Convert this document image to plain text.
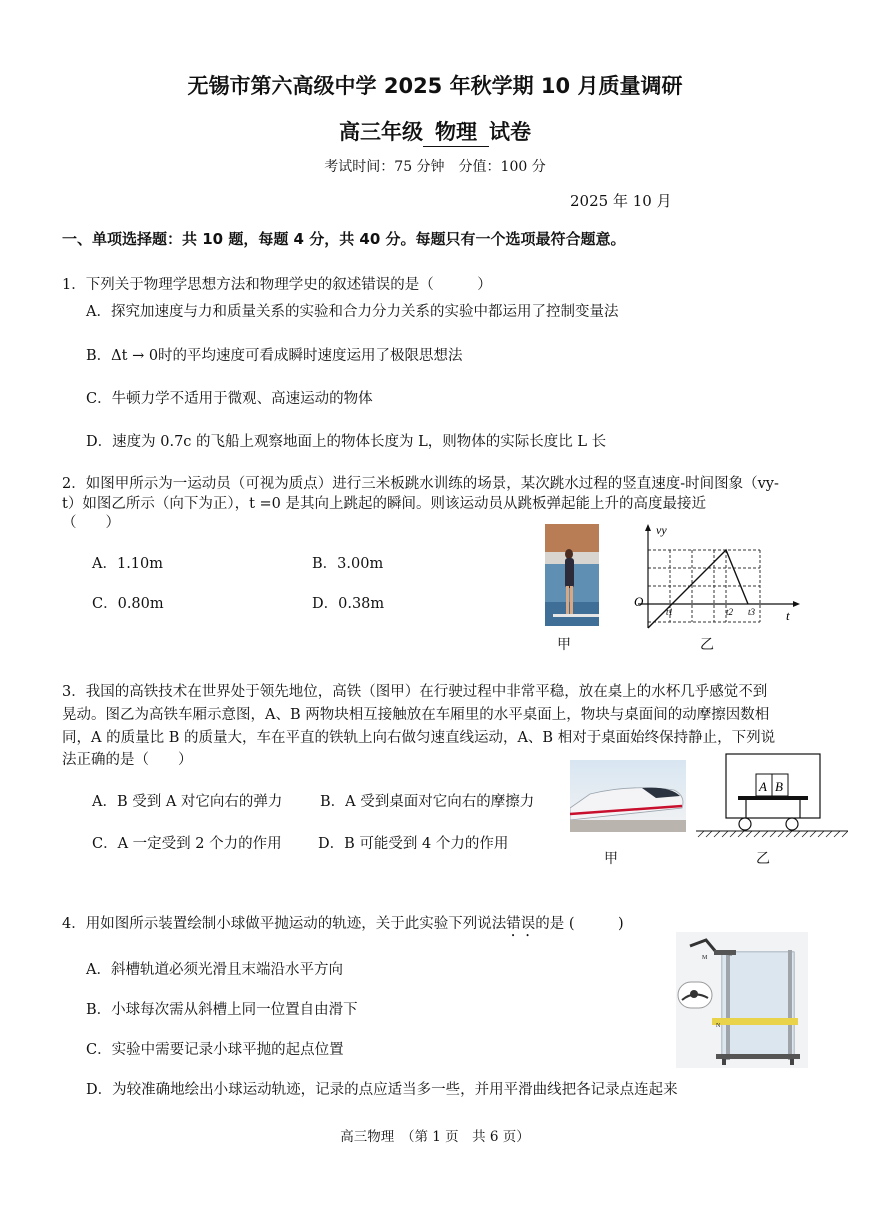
无锡市第六高级中学 2025 年秋学期 10 月质量调研
高三年级 物理 试卷
考试时间：75 分钟　分值：100 分
2025 年 10 月
一、单项选择题：共 10 题，每题 4 分，共 40 分。每题只有一个选项最符合题意。
1．下列关于物理学思想方法和物理学史的叙述错误的是（　　　）
A．探究加速度与力和质量关系的实验和合力分力关系的实验中都运用了控制变量法
B．Δt → 0时的平均速度可看成瞬时速度运用了极限思想法
C．牛顿力学不适用于微观、高速运动的物体
D．速度为 0.7c 的飞船上观察地面上的物体长度为 L，则物体的实际长度比 L 长
2．如图甲所示为一运动员（可视为质点）进行三米板跳水训练的场景，某次跳水过程的竖直速度-时间图象（vy-
t）如图乙所示（向下为正），t =0 是其向上跳起的瞬间。则该运动员从跳板弹起能上升的高度最接近
（　　）
A．1.10m	B．3.00m
C．0.80m	D．0.38m
甲
vy
O
t1	t2 t3 t
乙
3．我国的高铁技术在世界处于领先地位，高铁（图甲）在行驶过程中非常平稳，放在桌上的水杯几乎感觉不到
晃动。图乙为高铁车厢示意图，A、B 两物块相互接触放在车厢里的水平桌面上，物块与桌面间的动摩擦因数相
同，A 的质量比 B 的质量大，车在平直的铁轨上向右做匀速直线运动，A、B 相对于桌面始终保持静止，下列说
法正确的是（　　）
A．B 受到 A 对它向右的弹力	B．A 受到桌面对它向右的摩擦力
C．A 一定受到 2 个力的作用	D．B 可能受到 4 个力的作用
甲
A B
乙
4．用如图所示装置绘制小球做平抛运动的轨迹，关于此实验下列说法错误的是 (　　　)
A．斜槽轨道必须光滑且末端沿水平方向
B．小球每次需从斜槽上同一位置自由滑下
C．实验中需要记录小球平抛的起点位置
D．为较准确地绘出小球运动轨迹，记录的点应适当多一些，并用平滑曲线把各记录点连起来
M
N
高三物理　（第 1 页　共 6 页）
